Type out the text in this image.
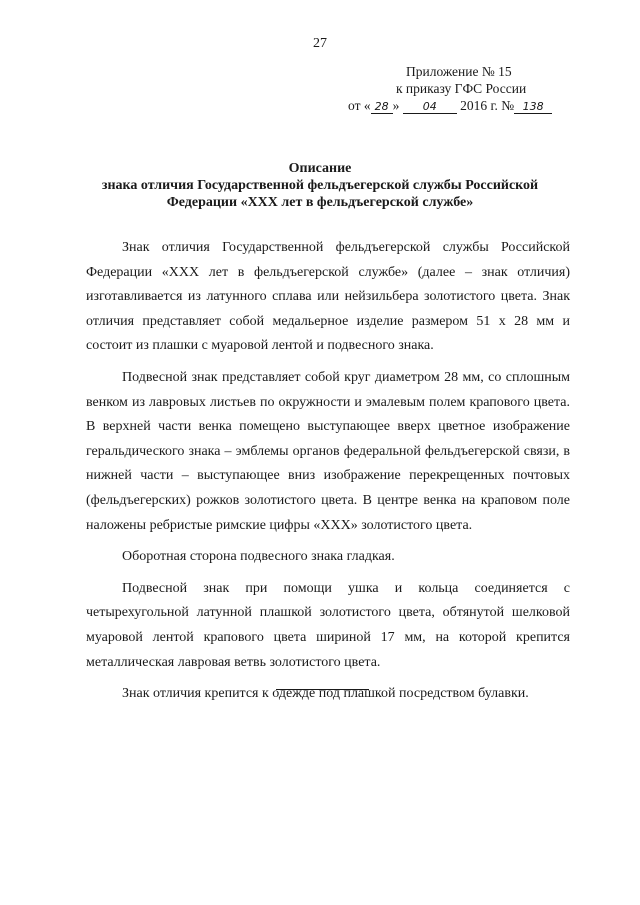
27
Приложение № 15
к приказу ГФС России
от « 28 » 04 2016 г. № 138
Описание
знака отличия Государственной фельдъегерской службы Российской
Федерации «XXX лет в фельдъегерской службе»

Знак отличия Государственной фельдъегерской службы Российской Федерации «XXX лет в фельдъегерской службе» (далее – знак отличия) изготавливается из латунного сплава или нейзильбера золотистого цвета. Знак отличия представляет собой медальерное изделие размером 51 х 28 мм и состоит из плашки с муаровой лентой и подвесного знака.

Подвесной знак представляет собой круг диаметром 28 мм, со сплошным венком из лавровых листьев по окружности и эмалевым полем крапового цвета. В верхней части венка помещено выступающее вверх цветное изображение геральдического знака – эмблемы органов федеральной фельдъегерской связи, в нижней части – выступающее вниз изображение перекрещенных почтовых (фельдъегерских) рожков золотистого цвета. В центре венка на краповом поле наложены ребристые римские цифры «XXX» золотистого цвета.

Оборотная сторона подвесного знака гладкая.

Подвесной знак при помощи ушка и кольца соединяется с четырехугольной латунной плашкой золотистого цвета, обтянутой шелковой муаровой лентой крапового цвета шириной 17 мм, на которой крепится металлическая лавровая ветвь золотистого цвета.

Знак отличия крепится к одежде под плашкой посредством булавки.
